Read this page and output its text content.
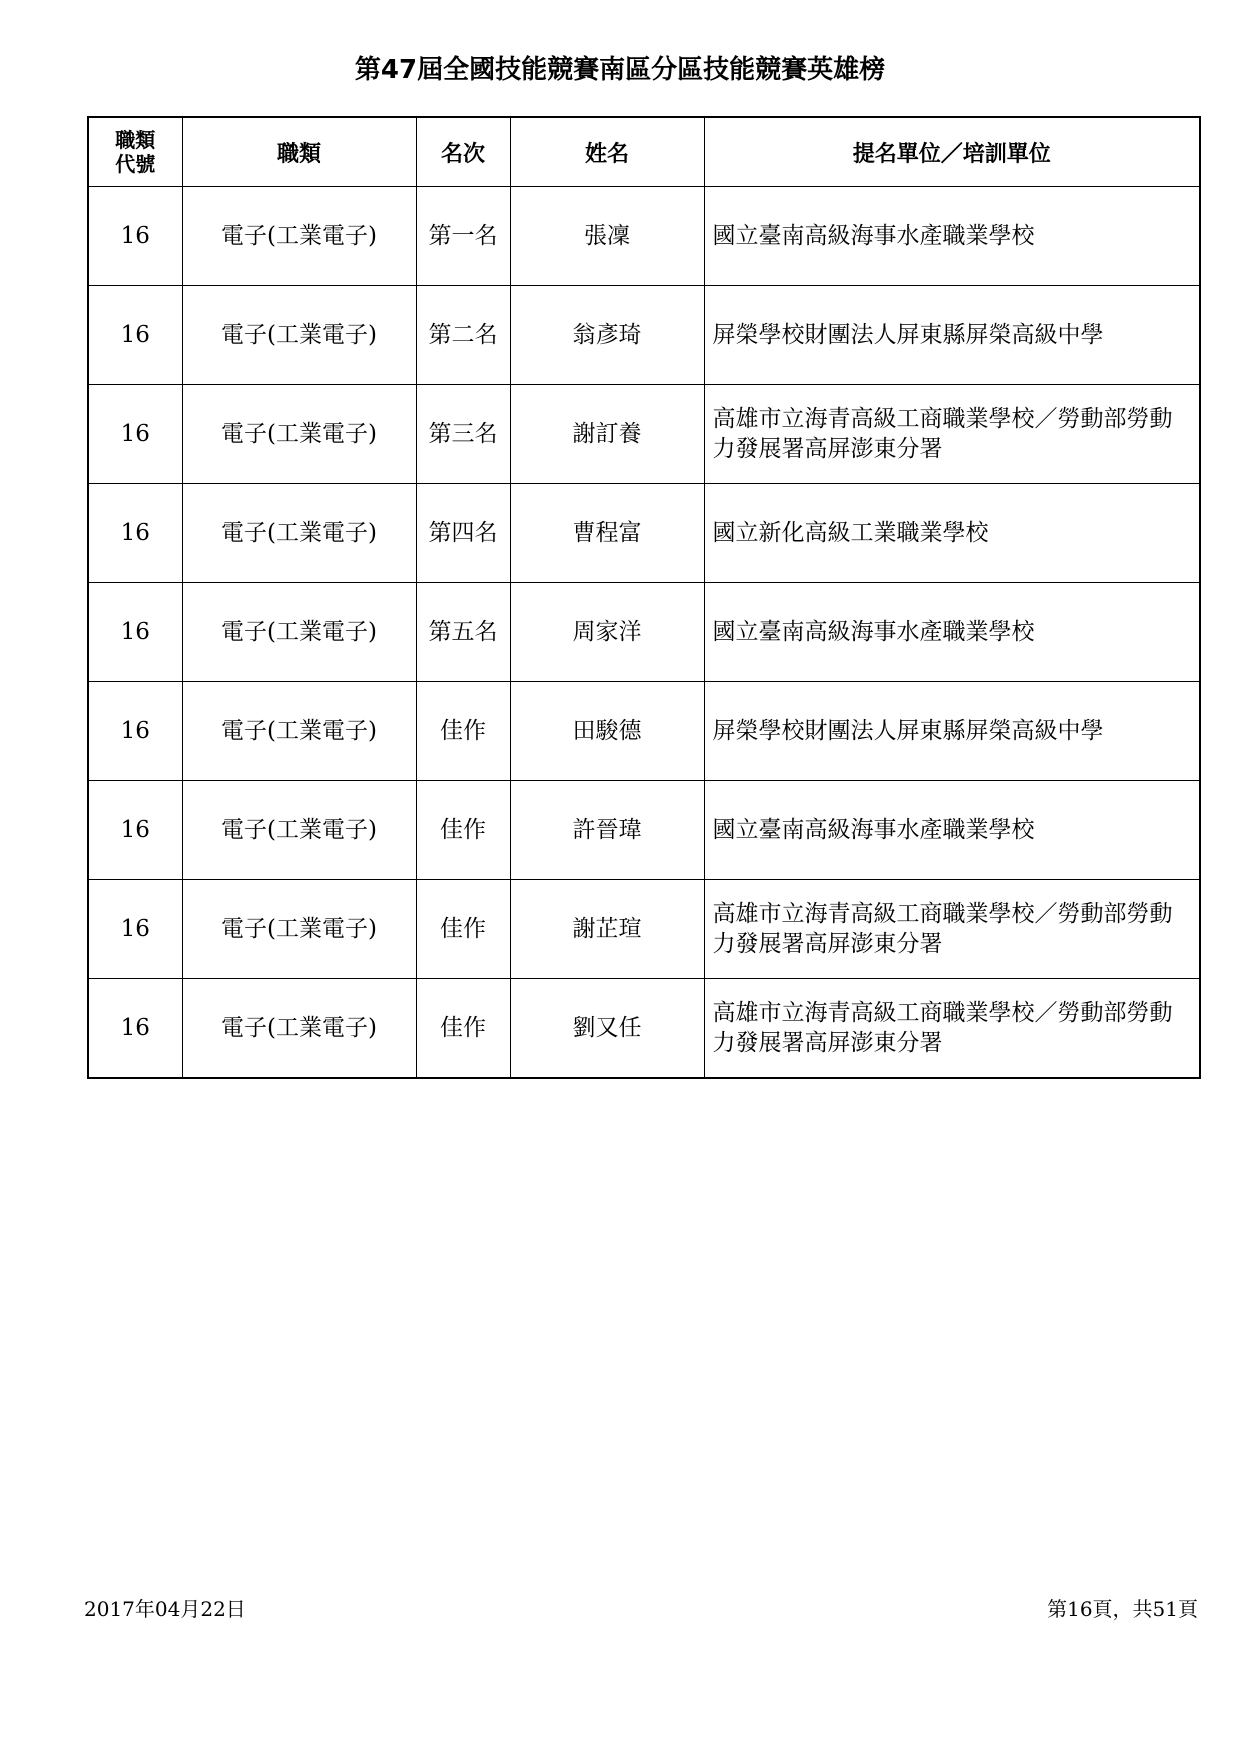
第47屆全國技能競賽南區分區技能競賽英雄榜
職類
代號	職類	名次	姓名	提名單位／培訓單位
16	電子(工業電子)	第一名	張凜	國立臺南高級海事水產職業學校
16	電子(工業電子)	第二名	翁彥琦	屏榮學校財團法人屏東縣屏榮高級中學
16	電子(工業電子)	第三名	謝訂養	高雄市立海青高級工商職業學校／勞動部勞動力發展署高屏澎東分署
16	電子(工業電子)	第四名	曹程富	國立新化高級工業職業學校
16	電子(工業電子)	第五名	周家洋	國立臺南高級海事水產職業學校
16	電子(工業電子)	佳作	田駿德	屏榮學校財團法人屏東縣屏榮高級中學
16	電子(工業電子)	佳作	許晉瑋	國立臺南高級海事水產職業學校
16	電子(工業電子)	佳作	謝芷瑄	高雄市立海青高級工商職業學校／勞動部勞動力發展署高屏澎東分署
16	電子(工業電子)	佳作	劉又任	高雄市立海青高級工商職業學校／勞動部勞動力發展署高屏澎東分署
2017年04月22日	第16頁，共51頁
